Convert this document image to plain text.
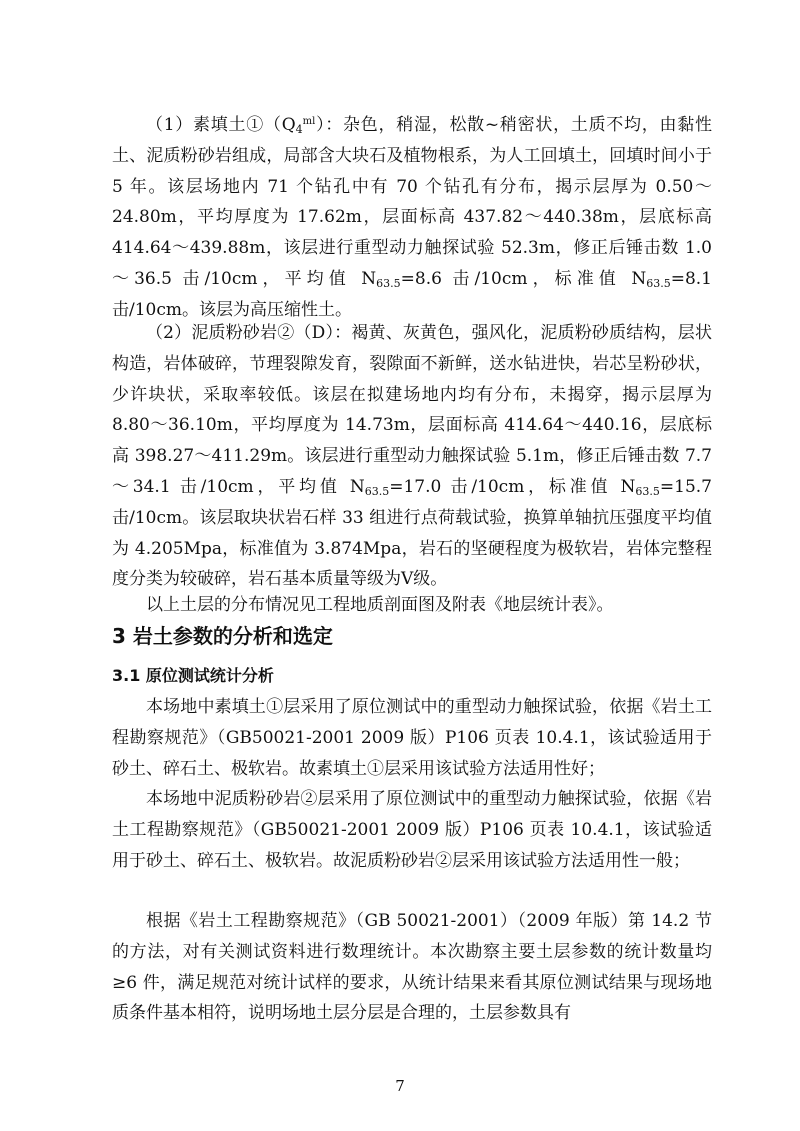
（1）素填土$①(Q_4^{ml})$：杂色，稍湿，松散~稍密状，土质不均，由黏性土、泥质粉砂岩组成，局部含大块石及植物根系，为人工回填土，回填时间小于 5 年。该层场地内 71 个钻孔中有 70 个钻孔有分布，揭示层厚为 0.50～24.80m，平均厚度为 17.62m，层面标高 437.82～440.38m，层底标高 414.64～439.88m，该层进行重型动力触探试验 52.3m，修正后锤击数 1.0～36.5 击/10cm，平均值 $N_{63.5}=8.6$ 击/10cm，标准值 $N_{63.5}=8.1$ 击/10cm。该层为高压缩性土。

（2）泥质粉砂岩②（D）：褐黄、灰黄色，强风化，泥质粉砂质结构，层状构造，岩体破碎，节理裂隙发育，裂隙面不新鲜，送水钻进快，岩芯呈粉砂状，少许块状，采取率较低。该层在拟建场地内均有分布，未揭穿，揭示层厚为 8.80～36.10m，平均厚度为 14.73m，层面标高 414.64～440.16，层底标高 398.27～411.29m。该层进行重型动力触探试验 5.1m，修正后锤击数 7.7～34.1 击/10cm，平均值 $N_{63.5}=17.0$ 击/10cm，标准值 $N_{63.5}=15.7$ 击/10cm。该层取块状岩石样 33 组进行点荷载试验，换算单轴抗压强度平均值为 4.205Mpa，标准值为 3.874Mpa，岩石的坚硬程度为极软岩，岩体完整程度分类为较破碎，岩石基本质量等级为Ⅴ级。

以上土层的分布情况见工程地质剖面图及附表《地层统计表》。

3 岩土参数的分析和选定
3.1 原位测试统计分析

本场地中素填土①层采用了原位测试中的重型动力触探试验，依据《岩土工程勘察规范》（GB50021-2001 2009 版）P106 页表 10.4.1，该试验适用于砂土、碎石土、极软岩。故素填土①层采用该试验方法适用性好；

本场地中泥质粉砂岩②层采用了原位测试中的重型动力触探试验，依据《岩土工程勘察规范》（GB50021-2001 2009 版）P106 页表 10.4.1，该试验适用于砂土、碎石土、极软岩。故泥质粉砂岩②层采用该试验方法适用性一般；

根据《岩土工程勘察规范》（GB 50021-2001）（2009 年版）第 14.2 节的方法，对有关测试资料进行数理统计。本次勘察主要土层参数的统计数量均≥6 件，满足规范对统计试样的要求，从统计结果来看其原位测试结果与现场地质条件基本相符，说明场地土层分层是合理的，土层参数具有

7
